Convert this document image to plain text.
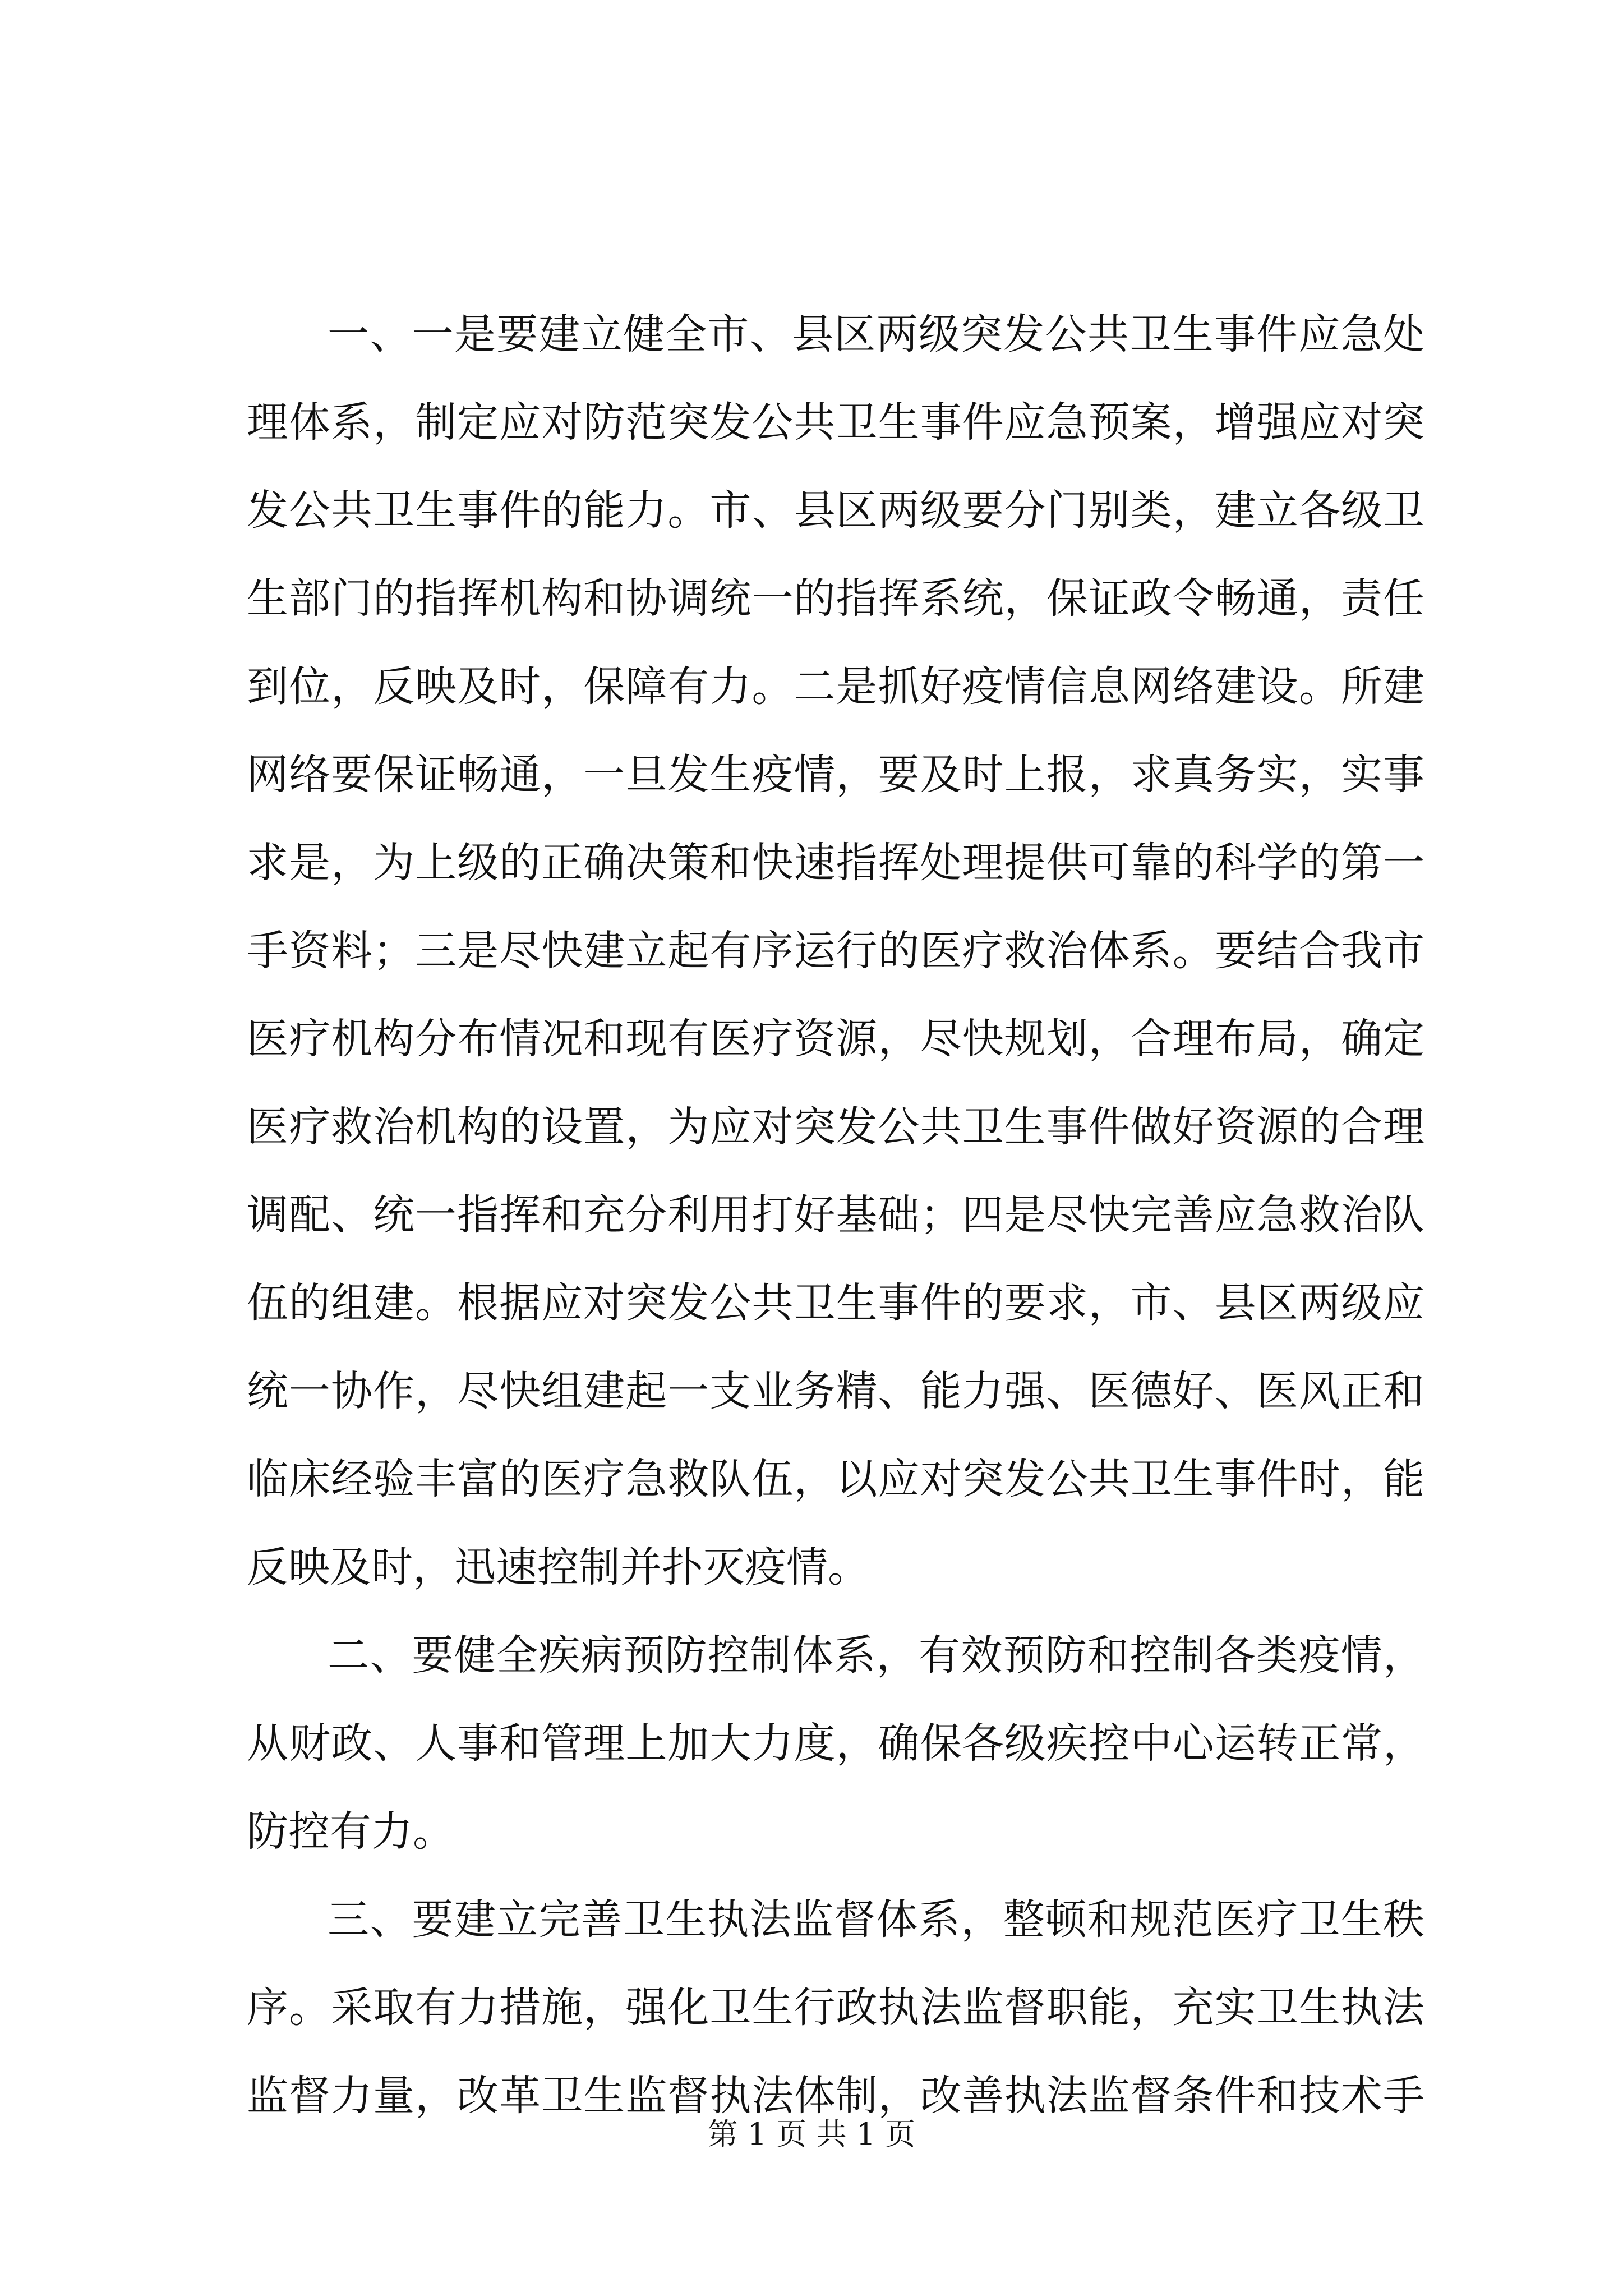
一、一是要建立健全市、县区两级突发公共卫生事件应急处
理体系，制定应对防范突发公共卫生事件应急预案，增强应对突
发公共卫生事件的能力。市、县区两级要分门别类，建立各级卫
生部门的指挥机构和协调统一的指挥系统，保证政令畅通，责任
到位，反映及时，保障有力。二是抓好疫情信息网络建设。所建
网络要保证畅通，一旦发生疫情，要及时上报，求真务实，实事
求是，为上级的正确决策和快速指挥处理提供可靠的科学的第一
手资料；三是尽快建立起有序运行的医疗救治体系。要结合我市
医疗机构分布情况和现有医疗资源，尽快规划，合理布局，确定
医疗救治机构的设置，为应对突发公共卫生事件做好资源的合理
调配、统一指挥和充分利用打好基础；四是尽快完善应急救治队
伍的组建。根据应对突发公共卫生事件的要求，市、县区两级应
统一协作，尽快组建起一支业务精、能力强、医德好、医风正和
临床经验丰富的医疗急救队伍，以应对突发公共卫生事件时，能
反映及时，迅速控制并扑灭疫情。
二、要健全疾病预防控制体系，有效预防和控制各类疫情，
从财政、人事和管理上加大力度，确保各级疾控中心运转正常，
防控有力。
三、要建立完善卫生执法监督体系，整顿和规范医疗卫生秩
序。采取有力措施，强化卫生行政执法监督职能，充实卫生执法
监督力量，改革卫生监督执法体制，改善执法监督条件和技术手
第 1 页 共 1 页
